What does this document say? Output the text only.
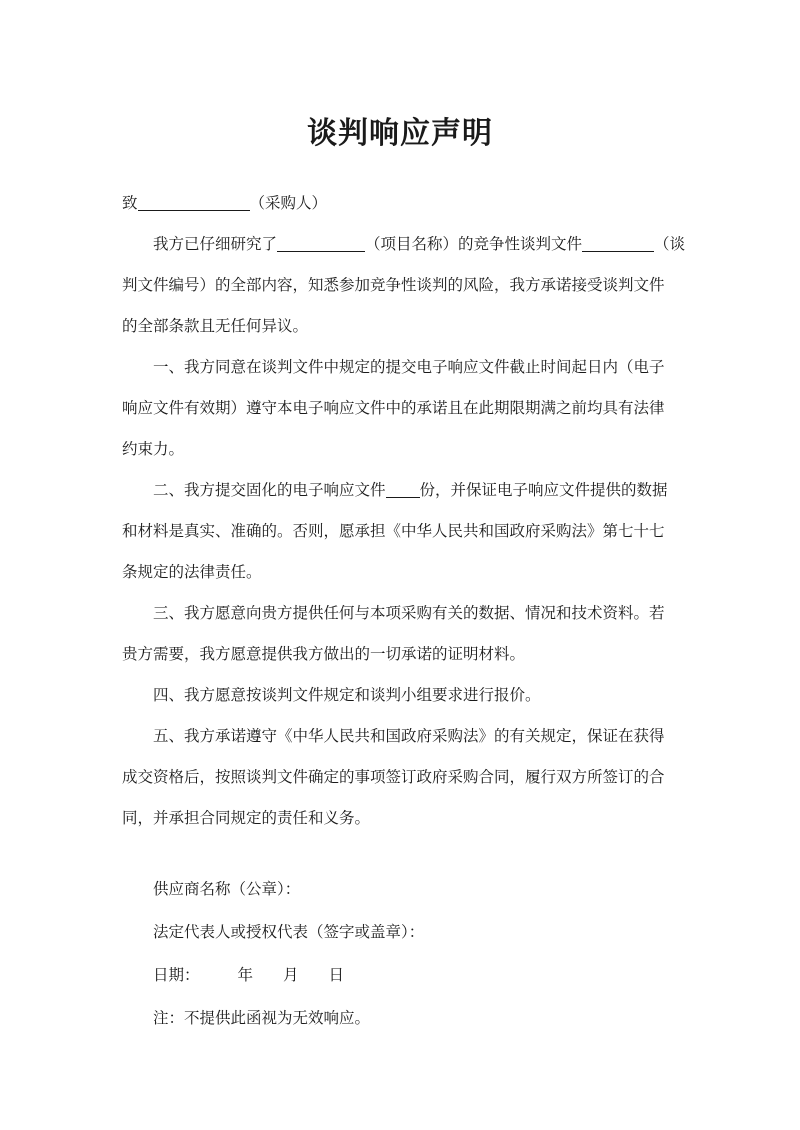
谈判响应声明
致	（采购人）
我方已仔细研究了	（项目名称）的竞争性谈判文件	（谈
判文件编号）的全部内容，知悉参加竞争性谈判的风险，我方承诺接受谈判文件
的全部条款且无任何异议。
一、我方同意在谈判文件中规定的提交电子响应文件截止时间起日内（电子
响应文件有效期）遵守本电子响应文件中的承诺且在此期限期满之前均具有法律
约束力。
二、我方提交固化的电子响应文件 份，并保证电子响应文件提供的数据
和材料是真实、准确的。否则，愿承担《中华人民共和国政府采购法》第七十七
条规定的法律责任。
三、我方愿意向贵方提供任何与本项采购有关的数据、情况和技术资料。若
贵方需要，我方愿意提供我方做出的一切承诺的证明材料。
四、我方愿意按谈判文件规定和谈判小组要求进行报价。
五、我方承诺遵守《中华人民共和国政府采购法》的有关规定，保证在获得
成交资格后，按照谈判文件确定的事项签订政府采购合同，履行双方所签订的合
同，并承担合同规定的责任和义务。
供应商名称（公章）：
法定代表人或授权代表（签字或盖章）：
日期： 年 月 日
注：不提供此函视为无效响应。
